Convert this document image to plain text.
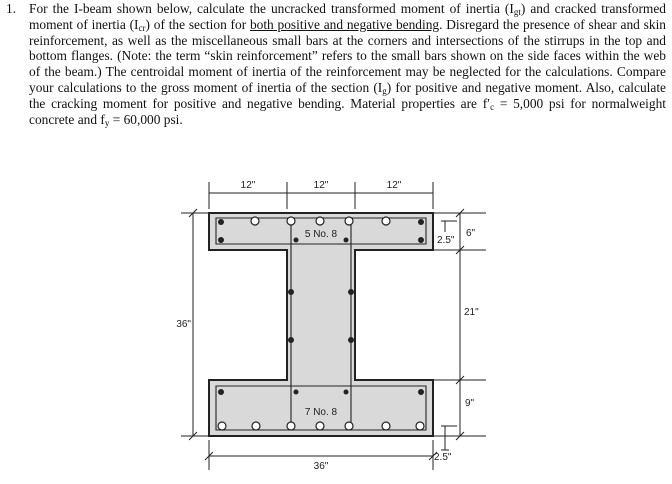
1. For the I-beam shown below, calculate the uncracked transformed moment of inertia $(I_{gt})$ and cracked transformed moment of inertia $(I_{cr})$ of the section for both positive and negative bending. Disregard the presence of shear and skin reinforcement, as well as the miscellaneous small bars at the corners and intersections of the stirrups in the top and bottom flanges. (Note: the term “skin reinforcement” refers to the small bars shown on the side faces within the web of the beam.) The centroidal moment of inertia of the reinforcement may be neglected for the calculations. Compare your calculations to the gross moment of inertia of the section $(I_g)$ for positive and negative moment. Also, calculate the cracking moment for positive and negative bending. Material properties are $f'_c = 5,000$ psi for normalweight concrete and $f_y = 60,000$ psi.
12"	12"	12"
36"
6"
2.5"
21"
9"
2.5"
36"
5 No. 8
7 No. 8
